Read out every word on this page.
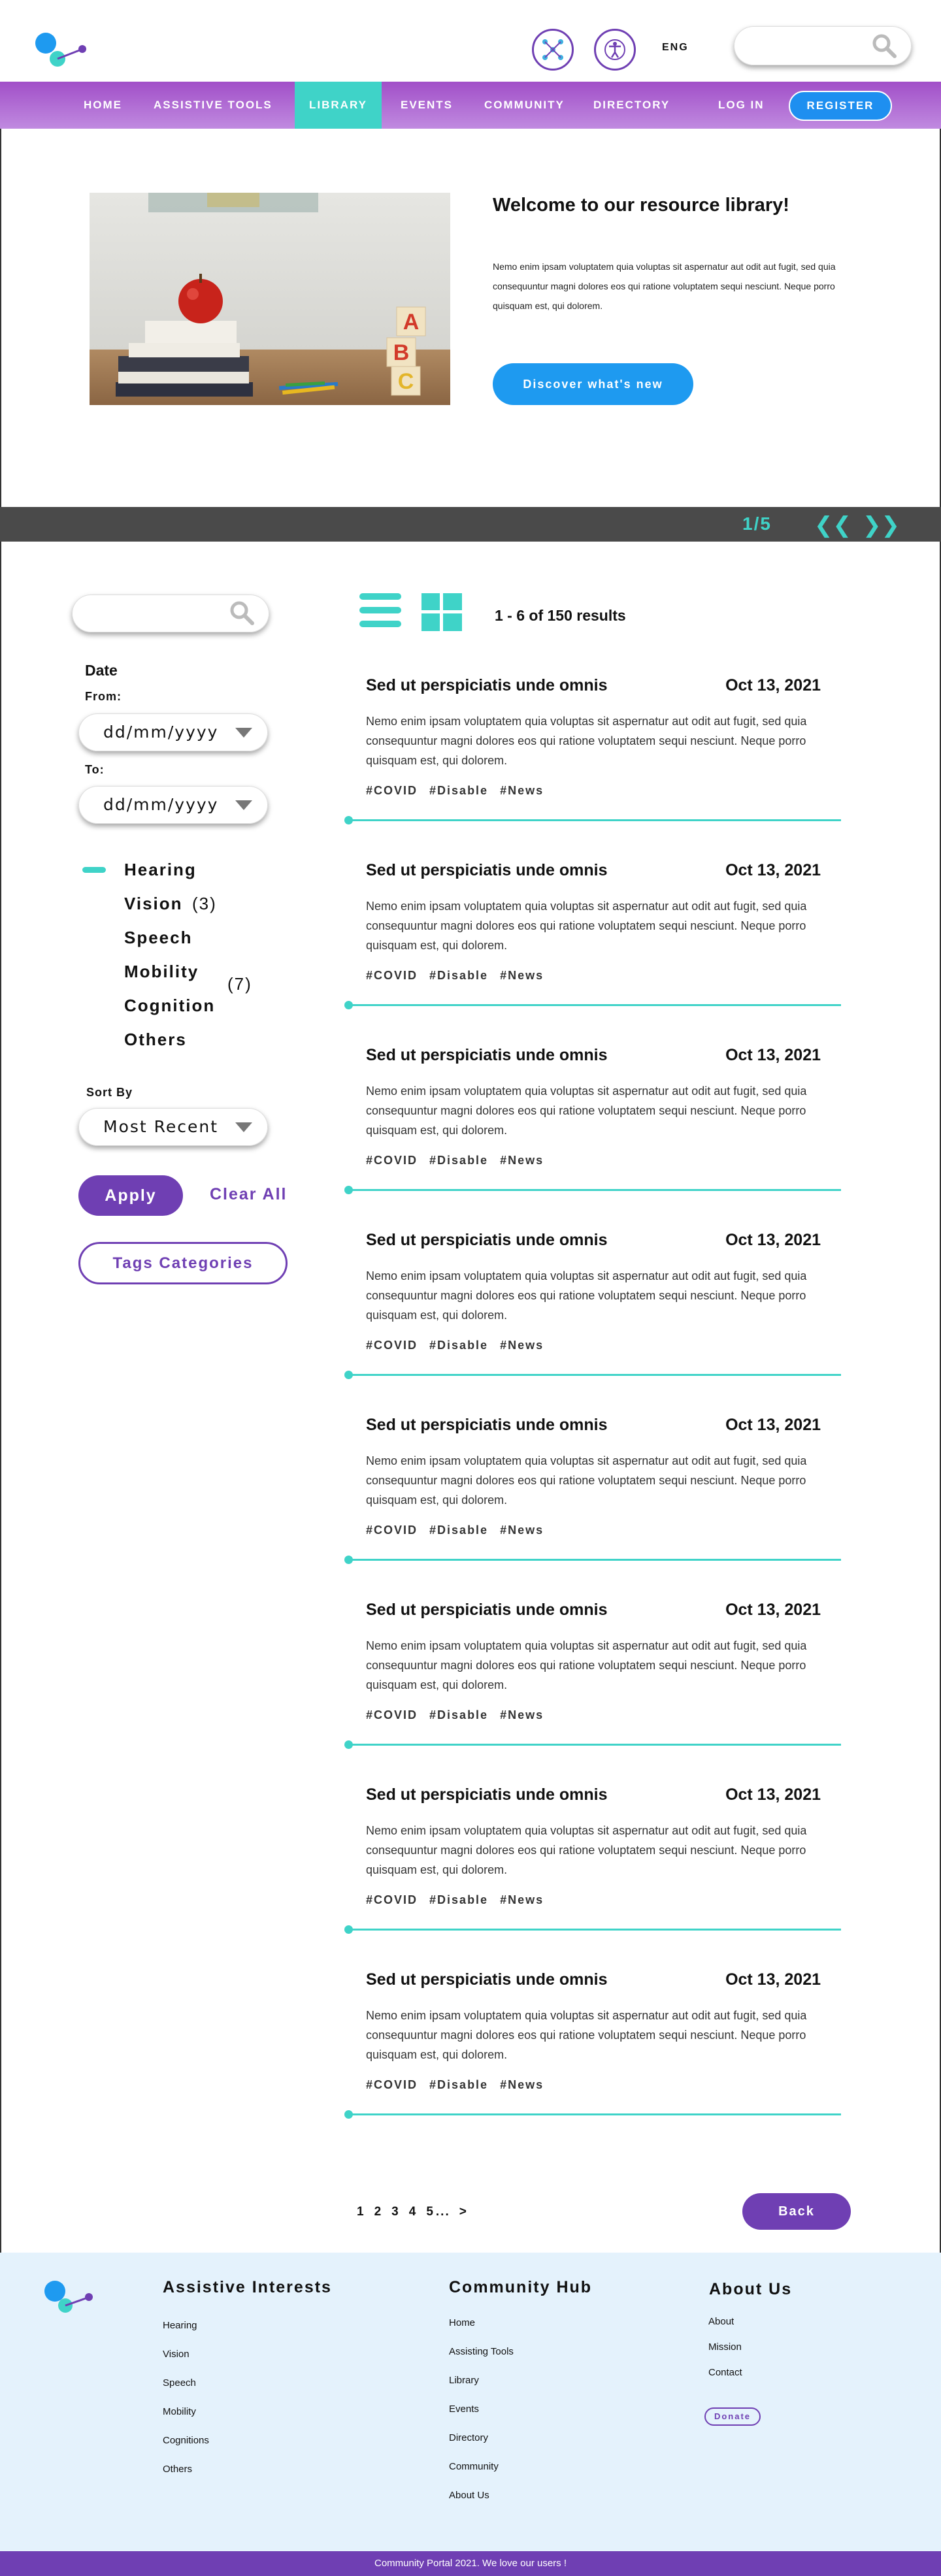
ENG
HOME	ASSISTIVE TOOLS	LIBRARY	EVENTS	COMMUNITY	DIRECTORY	LOG IN	REGISTER
A
B
C
Welcome to our resource library!
Nemo enim ipsam voluptatem quia voluptas sit aspernatur aut odit aut fugit, sed quia consequuntur magni dolores eos qui ratione voluptatem sequi nesciunt. Neque porro quisquam est, qui dolorem.
Discover what's new
1/5 ❮❮ ❯❯
Date
From:
dd/mm/yyyy
To:
dd/mm/yyyy
Hearing
Vision (3)
Speech
Mobility
(7)
Cognition
Others
Sort By
Most Recent
Apply	Clear All
Tags Categories
1 - 6 of 150 results
Sed ut perspiciatis unde omnis	Oct 13, 2021
Nemo enim ipsam voluptatem quia voluptas sit aspernatur aut odit aut fugit, sed quia consequuntur magni dolores eos qui ratione voluptatem sequi nesciunt. Neque porro quisquam est, qui dolorem.
#COVID #Disable #News
Sed ut perspiciatis unde omnis	Oct 13, 2021
Nemo enim ipsam voluptatem quia voluptas sit aspernatur aut odit aut fugit, sed quia consequuntur magni dolores eos qui ratione voluptatem sequi nesciunt. Neque porro quisquam est, qui dolorem.
#COVID #Disable #News
Sed ut perspiciatis unde omnis	Oct 13, 2021
Nemo enim ipsam voluptatem quia voluptas sit aspernatur aut odit aut fugit, sed quia consequuntur magni dolores eos qui ratione voluptatem sequi nesciunt. Neque porro quisquam est, qui dolorem.
#COVID #Disable #News
Sed ut perspiciatis unde omnis	Oct 13, 2021
Nemo enim ipsam voluptatem quia voluptas sit aspernatur aut odit aut fugit, sed quia consequuntur magni dolores eos qui ratione voluptatem sequi nesciunt. Neque porro quisquam est, qui dolorem.
#COVID #Disable #News
Sed ut perspiciatis unde omnis	Oct 13, 2021
Nemo enim ipsam voluptatem quia voluptas sit aspernatur aut odit aut fugit, sed quia consequuntur magni dolores eos qui ratione voluptatem sequi nesciunt. Neque porro quisquam est, qui dolorem.
#COVID #Disable #News
Sed ut perspiciatis unde omnis	Oct 13, 2021
Nemo enim ipsam voluptatem quia voluptas sit aspernatur aut odit aut fugit, sed quia consequuntur magni dolores eos qui ratione voluptatem sequi nesciunt. Neque porro quisquam est, qui dolorem.
#COVID #Disable #News
Sed ut perspiciatis unde omnis	Oct 13, 2021
Nemo enim ipsam voluptatem quia voluptas sit aspernatur aut odit aut fugit, sed quia consequuntur magni dolores eos qui ratione voluptatem sequi nesciunt. Neque porro quisquam est, qui dolorem.
#COVID #Disable #News
Sed ut perspiciatis unde omnis	Oct 13, 2021
Nemo enim ipsam voluptatem quia voluptas sit aspernatur aut odit aut fugit, sed quia consequuntur magni dolores eos qui ratione voluptatem sequi nesciunt. Neque porro quisquam est, qui dolorem.
#COVID #Disable #News
1 2 3 4 5 ... >	Back
Assistive Interests
Hearing
Vision
Speech
Mobility
Cognitions
Others
Community Hub
Home
Assisting Tools
Library
Events
Directory
Community
About Us
About Us
About
Mission
Contact
Donate
Community Portal 2021. We love our users !
